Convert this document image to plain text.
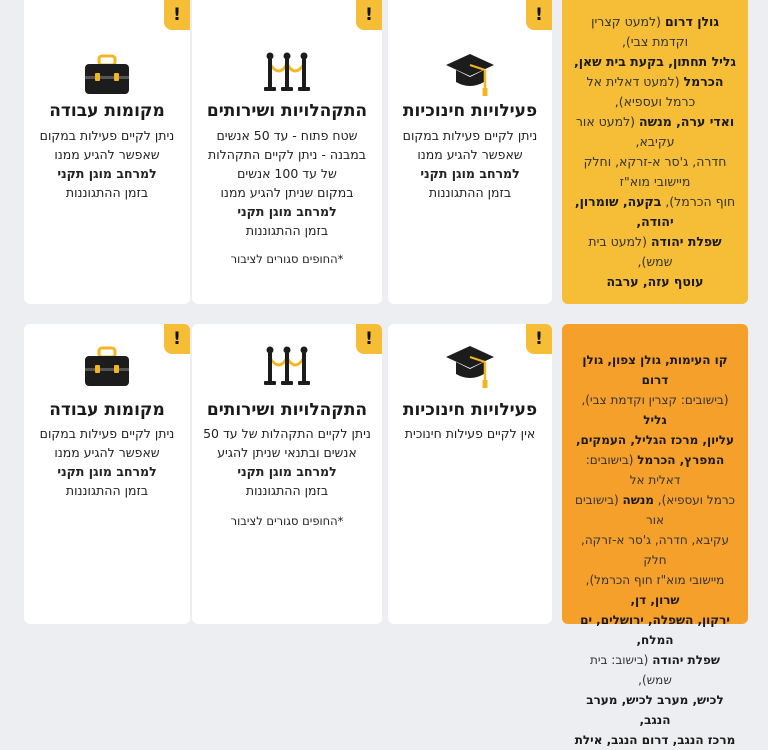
גולן דרום (למעט קצרין וקדמת צבי),
גליל תחתון, בקעת בית שאן,
הכרמל (למעט דאלית אל כרמל ועספיא),
ואדי ערה, מנשה (למעט אור עקיבא,
חדרה, ג'סר א-זרקא, וחלק מיישובי מוא"ז
חוף הכרמל), בקעה, שומרון, יהודה,
שפלת יהודה (למעט בית שמש),
עוטף עזה, ערבה
!
פעילויות חינוכיות
ניתן לקיים פעילות במקום
שאפשר להגיע ממנו
למרחב מוגן תקני
בזמן ההתגוננות
!
התקהלויות ושירותים
שטח פתוח - עד 50 אנשים
במבנה - ניתן לקיים התקהלות
של עד 100 אנשים
במקום שניתן להגיע ממנו
למרחב מוגן תקני
בזמן ההתגוננות
*החופים סגורים לציבור
!
מקומות עבודה
ניתן לקיים פעילות במקום
שאפשר להגיע ממנו
למרחב מוגן תקני
בזמן ההתגוננות
קו העימות, גולן צפון, גולן דרום
(בישובים: קצרין וקדמת צבי), גליל
עליון, מרכז הגליל, העמקים,
המפרץ, הכרמל (בישובים: דאלית אל
כרמל ועספיא), מנשה (בישובים אור
עקיבא, חדרה, ג'סר א-זרקה, חלק
מיישובי מוא"ז חוף הכרמל), שרון, דן,
ירקון, השפלה, ירושלים, ים המלח,
שפלת יהודה (בישוב: בית שמש),
לכיש, מערב לכיש, מערב הנגב,
מרכז הנגב, דרום הנגב, אילת
!
פעילויות חינוכיות
אין לקיים פעילות חינוכית
!
התקהלויות ושירותים
ניתן לקיים התקהלות של עד 50
אנשים ובתנאי שניתן להגיע
למרחב מוגן תקני
בזמן ההתגוננות
*החופים סגורים לציבור
!
מקומות עבודה
ניתן לקיים פעילות במקום
שאפשר להגיע ממנו
למרחב מוגן תקני
בזמן ההתגוננות
